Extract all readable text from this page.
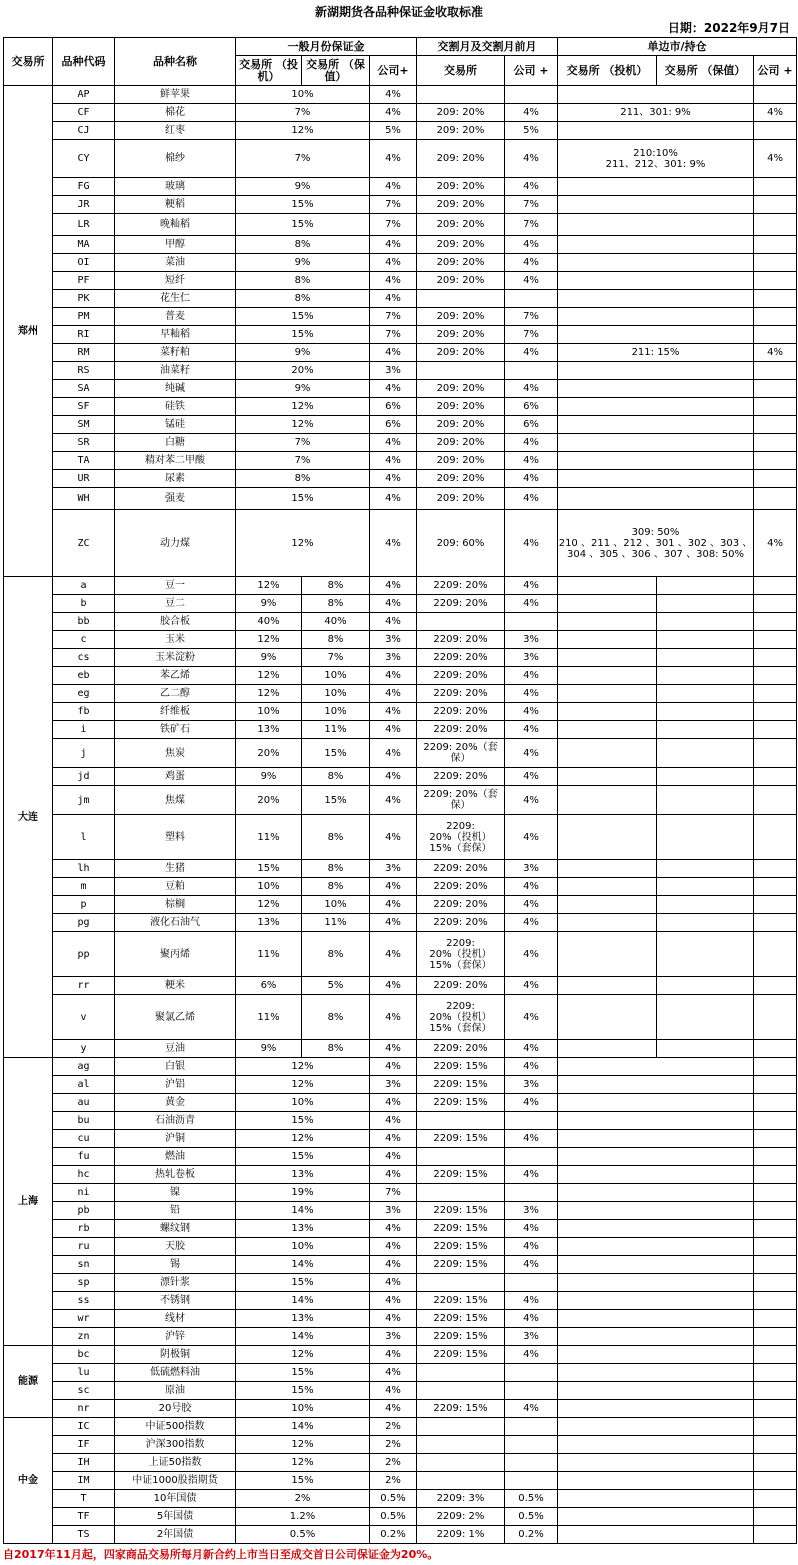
新湖期货各品种保证金收取标准
日期：2022年9月7日
交易所	品种代码	品种名称	一般月份保证金			交割月及交割月前月		单边市/持仓		
			交易所 （投机）	交易所 （保值）	公司+	交易所	公司 +	交易所 （投机）	交易所 （保值）	公司 +
郑州	AP	鲜苹果	10%		4%					
	CF	棉花	7%		4%	209: 20%	4%	211、301: 9%		4%
	CJ	红枣	12%		5%	209: 20%	5%			
	CY	棉纱	7%		4%	209: 20%	4%	210:10%
211、212、301: 9%		4%
	FG	玻璃	9%		4%	209: 20%	4%			
	JR	粳稻	15%		7%	209: 20%	7%			
	LR	晚籼稻	15%		7%	209: 20%	7%			
	MA	甲醇	8%		4%	209: 20%	4%			
	OI	菜油	9%		4%	209: 20%	4%			
	PF	短纤	8%		4%	209: 20%	4%			
	PK	花生仁	8%		4%					
	PM	普麦	15%		7%	209: 20%	7%			
	RI	早籼稻	15%		7%	209: 20%	7%			
	RM	菜籽粕	9%		4%	209: 20%	4%	211: 15%		4%
	RS	油菜籽	20%		3%					
	SA	纯碱	9%		4%	209: 20%	4%			
	SF	硅铁	12%		6%	209: 20%	6%			
	SM	锰硅	12%		6%	209: 20%	6%			
	SR	白糖	7%		4%	209: 20%	4%			
	TA	精对苯二甲酸	7%		4%	209: 20%	4%			
	UR	尿素	8%		4%	209: 20%	4%			
	WH	强麦	15%		4%	209: 20%	4%			
	ZC	动力煤	12%		4%	209: 60%	4%	309: 50%
210 、211 、212 、301 、302 、303 、
304 、305 、306 、307 、308: 50%		4%
大连	a	豆一	12%	8%	4%	2209: 20%	4%			
	b	豆二	9%	8%	4%	2209: 20%	4%			
	bb	胶合板	40%	40%	4%					
	c	玉米	12%	8%	3%	2209: 20%	3%			
	cs	玉米淀粉	9%	7%	3%	2209: 20%	3%			
	eb	苯乙烯	12%	10%	4%	2209: 20%	4%			
	eg	乙二醇	12%	10%	4%	2209: 20%	4%			
	fb	纤维板	10%	10%	4%	2209: 20%	4%			
	i	铁矿石	13%	11%	4%	2209: 20%	4%			
	j	焦炭	20%	15%	4%	2209: 20%（套
保）	4%			
	jd	鸡蛋	9%	8%	4%	2209: 20%	4%			
	jm	焦煤	20%	15%	4%	2209: 20%（套
保）	4%			
	l	塑料	11%	8%	4%	2209:
20%（投机）
15%（套保）	4%			
	lh	生猪	15%	8%	3%	2209: 20%	3%			
	m	豆粕	10%	8%	4%	2209: 20%	4%			
	p	棕榈	12%	10%	4%	2209: 20%	4%			
	pg	液化石油气	13%	11%	4%	2209: 20%	4%			
	pp	聚丙烯	11%	8%	4%	2209:
20%（投机）
15%（套保）	4%			
	rr	粳米	6%	5%	4%	2209: 20%	4%			
	v	聚氯乙烯	11%	8%	4%	2209:
20%（投机）
15%（套保）	4%			
	y	豆油	9%	8%	4%	2209: 20%	4%			
上海	ag	白银	12%		4%	2209: 15%	4%			
	al	沪铝	12%		3%	2209: 15%	3%			
	au	黄金	10%		4%	2209: 15%	4%			
	bu	石油沥青	15%		4%					
	cu	沪铜	12%		4%	2209: 15%	4%			
	fu	燃油	15%		4%					
	hc	热轧卷板	13%		4%	2209: 15%	4%			
	ni	镍	19%		7%					
	pb	铅	14%		3%	2209: 15%	3%			
	rb	螺纹钢	13%		4%	2209: 15%	4%			
	ru	天胶	10%		4%	2209: 15%	4%			
	sn	锡	14%		4%	2209: 15%	4%			
	sp	漂针浆	15%		4%					
	ss	不锈钢	14%		4%	2209: 15%	4%			
	wr	线材	13%		4%	2209: 15%	4%			
	zn	沪锌	14%		3%	2209: 15%	3%			
能源	bc	阴极铜	12%		4%	2209: 15%	4%			
	lu	低硫燃料油	15%		4%					
	sc	原油	15%		4%					
	nr	20号胶	10%		4%	2209: 15%	4%			
中金	IC	中证500指数	14%		2%					
	IF	沪深300指数	12%		2%					
	IH	上证50指数	12%		2%					
	IM	中证1000股指期货	15%		2%					
	T	10年国债	2%		0.5%	2209: 3%	0.5%			
	TF	5年国债	1.2%		0.5%	2209: 2%	0.5%			
	TS	2年国债	0.5%		0.2%	2209: 1%	0.2%			
自2017年11月起，四家商品交易所每月新合约上市当日至成交首日公司保证金为20%。
